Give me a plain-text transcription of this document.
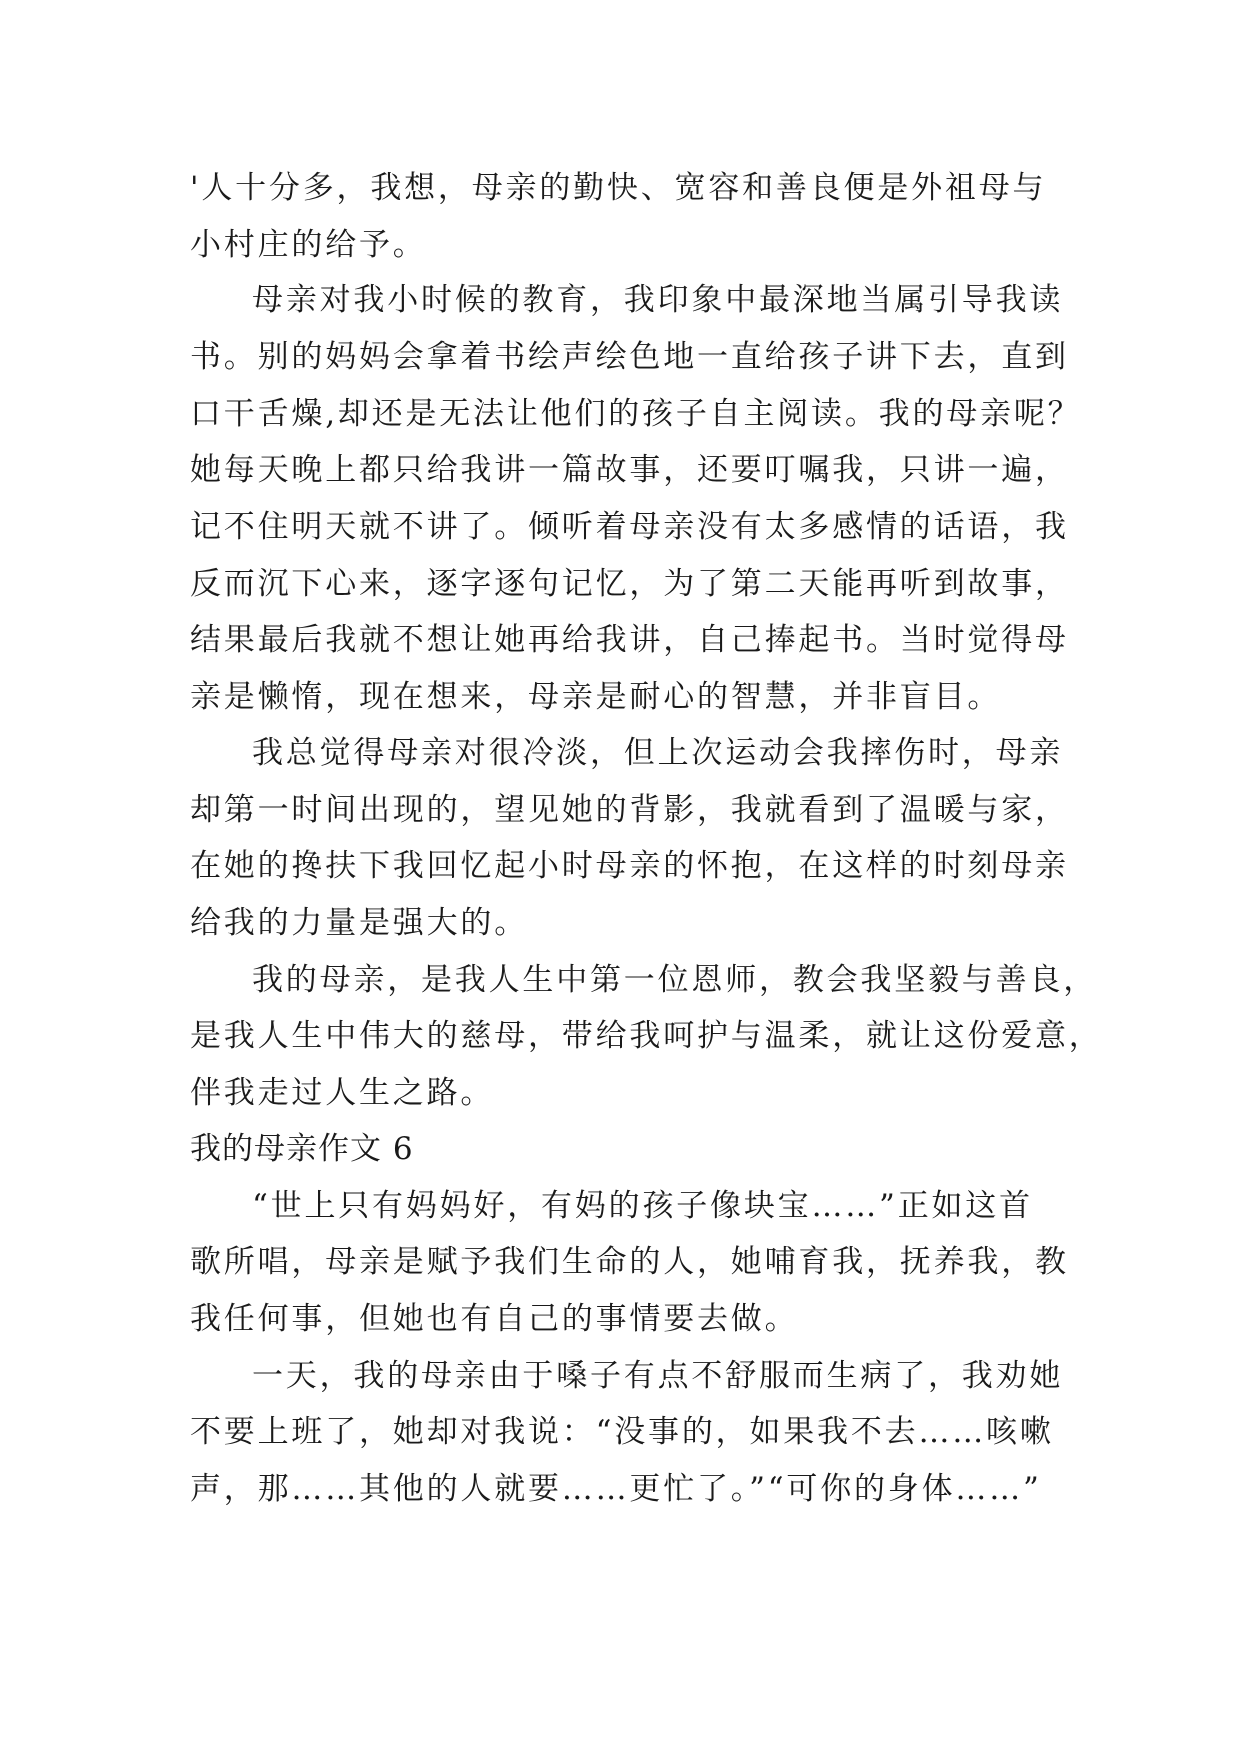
'人十分多，我想，母亲的勤快、宽容和善良便是外祖母与
小村庄的给予。
母亲对我小时候的教育，我印象中最深地当属引导我读
书。别的妈妈会拿着书绘声绘色地一直给孩子讲下去，直到
口干舌燥,却还是无法让他们的孩子自主阅读。我的母亲呢？
她每天晚上都只给我讲一篇故事，还要叮嘱我，只讲一遍，
记不住明天就不讲了。倾听着母亲没有太多感情的话语，我
反而沉下心来，逐字逐句记忆，为了第二天能再听到故事，
结果最后我就不想让她再给我讲，自己捧起书。当时觉得母
亲是懒惰，现在想来，母亲是耐心的智慧，并非盲目。
我总觉得母亲对很冷淡，但上次运动会我摔伤时，母亲
却第一时间出现的，望见她的背影，我就看到了温暖与家，
在她的搀扶下我回忆起小时母亲的怀抱，在这样的时刻母亲
给我的力量是强大的。
我的母亲，是我人生中第一位恩师，教会我坚毅与善良，
是我人生中伟大的慈母，带给我呵护与温柔，就让这份爱意，
伴我走过人生之路。
我的母亲作文 6
“世上只有妈妈好，有妈的孩子像块宝……”正如这首
歌所唱，母亲是赋予我们生命的人，她哺育我，抚养我，教
我任何事，但她也有自己的事情要去做。
一天，我的母亲由于嗓子有点不舒服而生病了，我劝她
不要上班了，她却对我说：“没事的，如果我不去……咳嗽
声，那……其他的人就要……更忙了。”“可你的身体……”
